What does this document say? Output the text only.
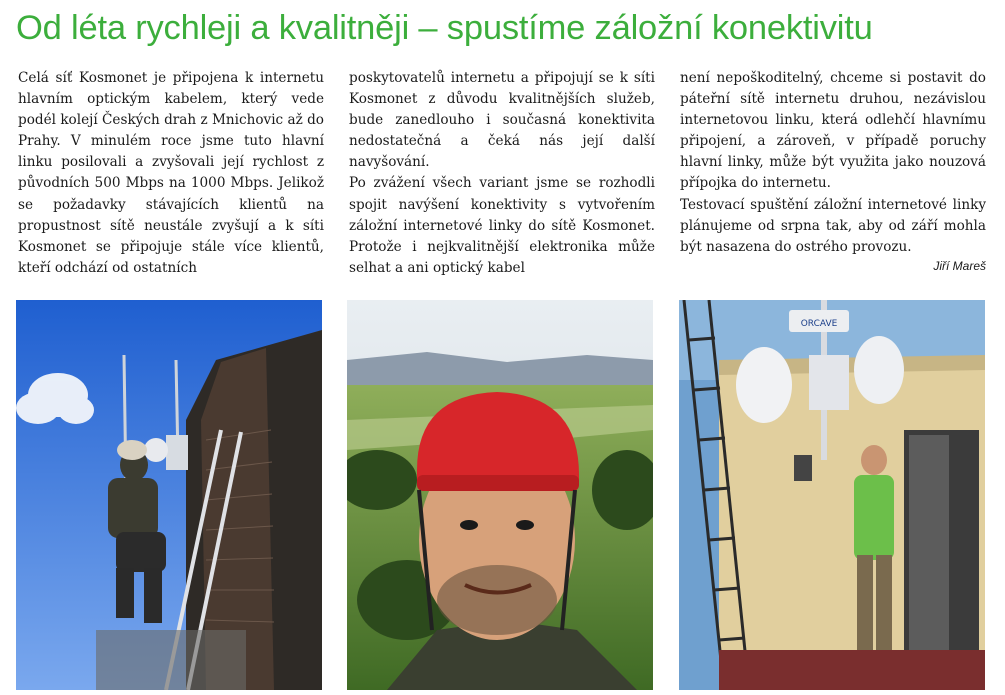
Od léta rychleji a kvalitněji – spustíme záložní konektivitu

Celá síť Kosmonet je připojena k internetu hlavním optickým kabelem, který vede podél kolejí Českých drah z Mnichovic až do Prahy. V minulém roce jsme tuto hlavní linku posilovali a zvyšovali její rychlost z původních 500 Mbps na 1000 Mbps. Jelikož se požadavky stávajících klientů na propustnost sítě neustále zvyšují a k síti Kosmonet se připojuje stále více klientů, kteří odchází od ostatních

poskytovatelů internetu a připojují se k síti Kosmonet z důvodu kvalitnějších služeb, bude zanedlouho i současná konektivita nedostatečná a čeká nás její další navyšování.

Po zvážení všech variant jsme se rozhodli spojit navýšení konektivity s vytvořením záložní internetové linky do sítě Kosmonet. Protože i nejkvalitnější elektronika může selhat a ani optický kabel

není nepoškoditelný, chceme si postavit do páteřní sítě internetu druhou, nezávislou internetovou linku, která odlehčí hlavnímu připojení, a zároveň, v případě poruchy hlavní linky, může být využita jako nouzová přípojka do internetu.

Testovací spuštění záložní internetové linky plánujeme od srpna tak, aby od září mohla být nasazena do ostrého provozu.

Jiří Mareš
ORCAVE
